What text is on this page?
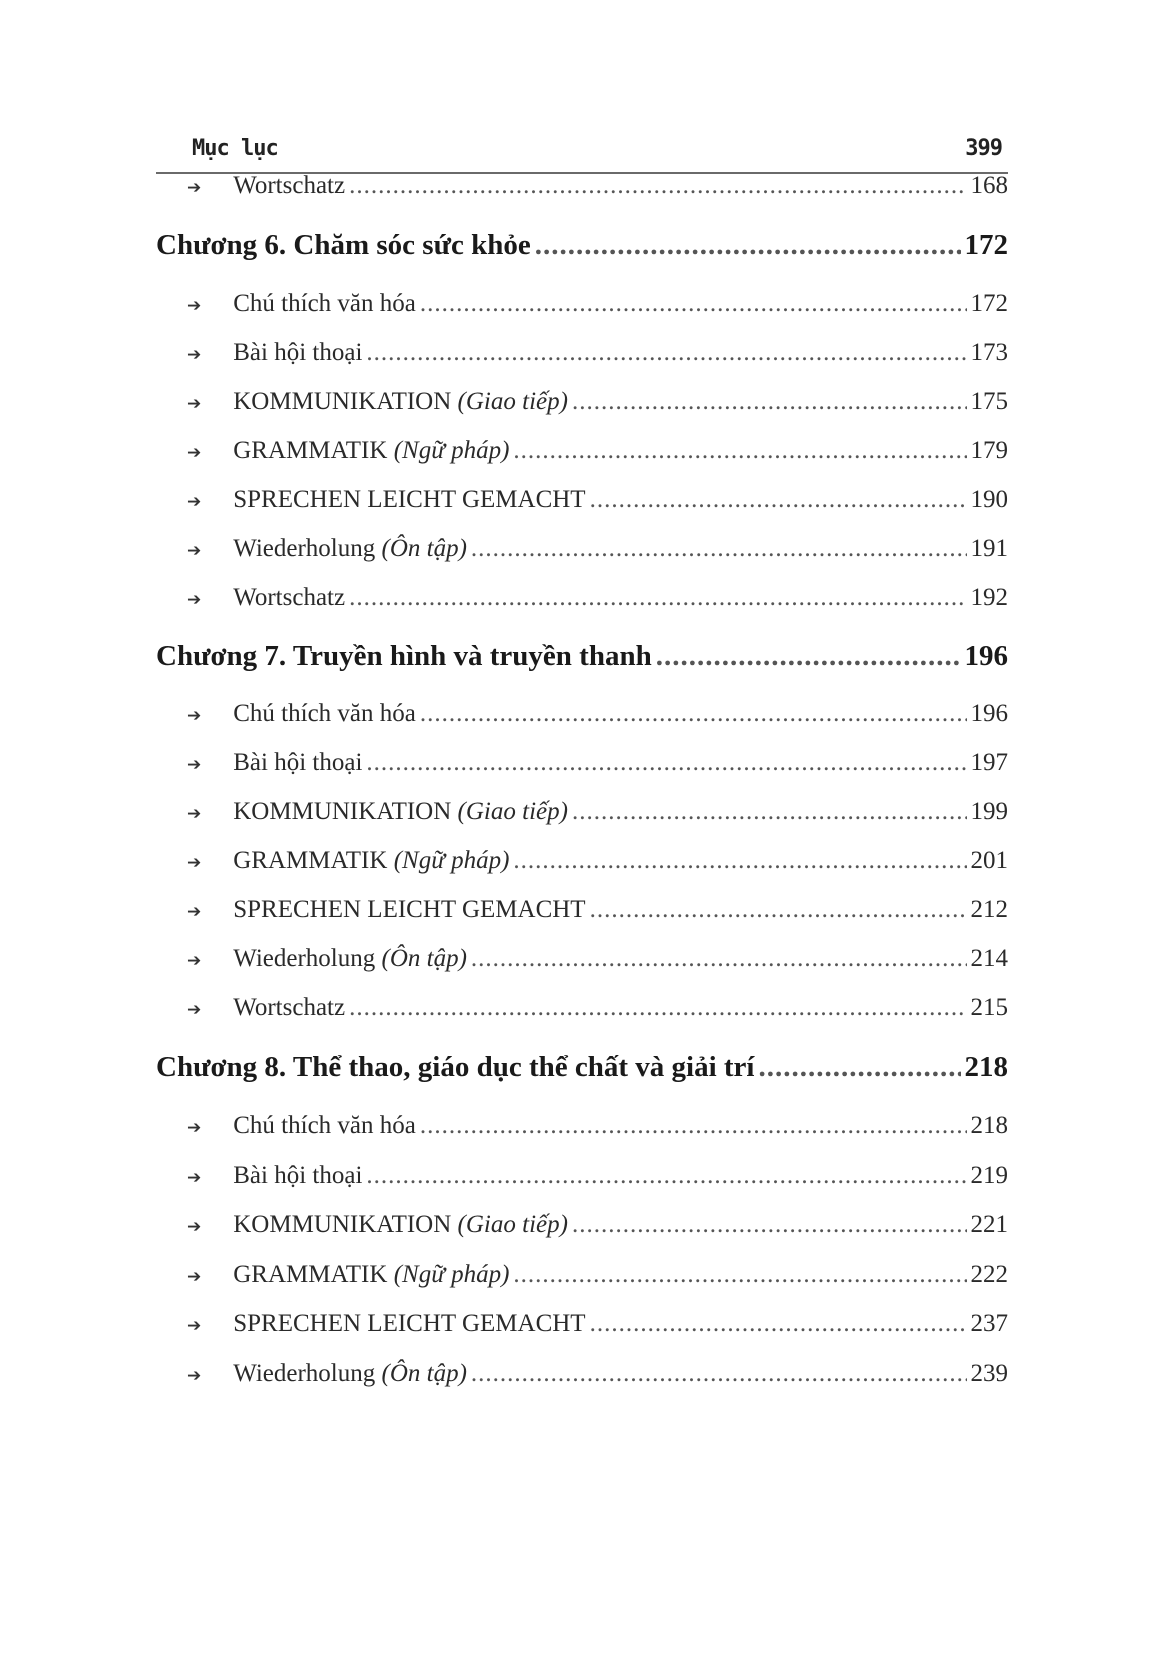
Mục lục	399
➔ Wortschatz .....	168
Chương 6. Chăm sóc sức khỏe .....	172
➔ Chú thích văn hóa .....	172
➔ Bài hội thoại .....	173
➔ KOMMUNIKATION (Giao tiếp) .....	175
➔ GRAMMATIK (Ngữ pháp) .....	179
➔ SPRECHEN LEICHT GEMACHT .....	190
➔ Wiederholung (Ôn tập) .....	191
➔ Wortschatz .....	192
Chương 7. Truyền hình và truyền thanh .....	196
➔ Chú thích văn hóa .....	196
➔ Bài hội thoại .....	197
➔ KOMMUNIKATION (Giao tiếp) .....	199
➔ GRAMMATIK (Ngữ pháp) .....	201
➔ SPRECHEN LEICHT GEMACHT .....	212
➔ Wiederholung (Ôn tập) .....	214
➔ Wortschatz .....	215
Chương 8. Thể thao, giáo dục thể chất và giải trí .....	218
➔ Chú thích văn hóa .....	218
➔ Bài hội thoại .....	219
➔ KOMMUNIKATION (Giao tiếp) .....	221
➔ GRAMMATIK (Ngữ pháp) .....	222
➔ SPRECHEN LEICHT GEMACHT .....	237
➔ Wiederholung (Ôn tập) .....	239
